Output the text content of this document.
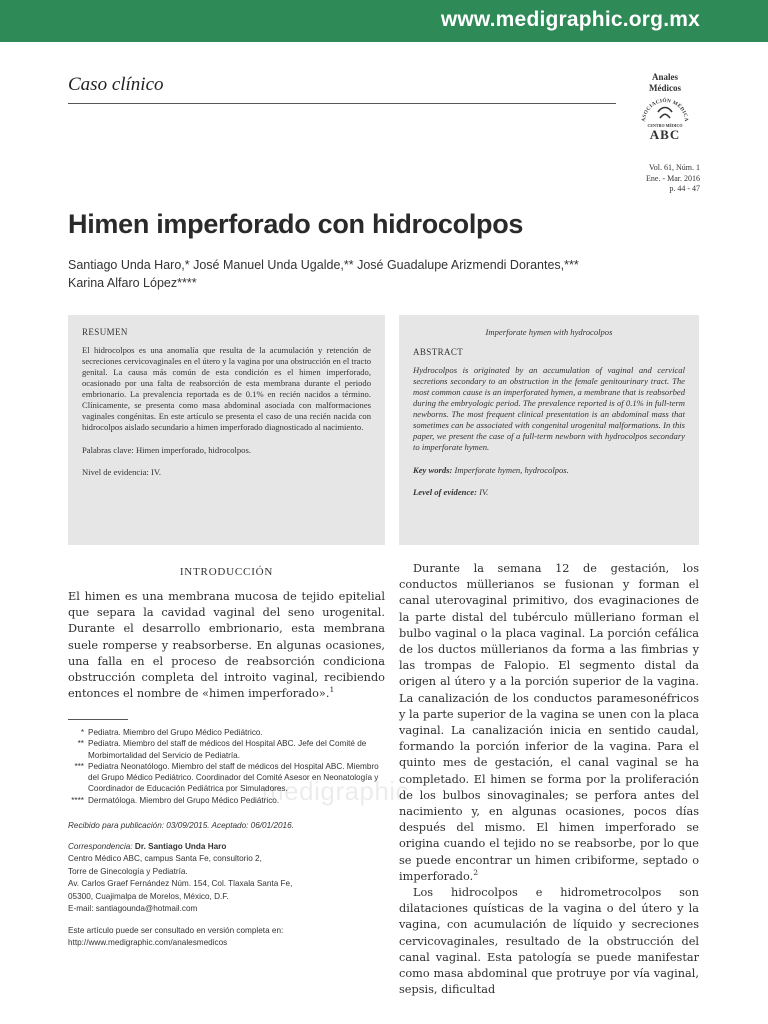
www.medigraphic.org.mx
Caso clínico	Anales
Médicos
ASOCIACIÓN MÉDICA
CENTRO MÉDICO
ABC
Vol. 61, Núm. 1
Ene. - Mar. 2016
p. 44 - 47
Himen imperforado con hidrocolpos
Santiago Unda Haro,* José Manuel Unda Ugalde,** José Guadalupe Arizmendi Dorantes,***
Karina Alfaro López****
RESUMEN
El hidrocolpos es una anomalía que resulta de la acumulación y retención de secreciones cervicovaginales en el útero y la vagina por una obstrucción en el tracto genital. La causa más común de esta condición es el himen imperforado, ocasionado por una falta de reabsorción de esta membrana durante el periodo embrionario. La prevalencia reportada es de 0.1% en recién nacidos a término. Clínicamente, se presenta como masa abdominal asociada con malformaciones vaginales congénitas. En este artículo se presenta el caso de una recién nacida con hidrocolpos aislado secundario a himen imperforado diagnosticado al nacimiento.
Palabras clave: Himen imperforado, hidrocolpos.
Nivel de evidencia: IV.
Imperforate hymen with hydrocolpos
ABSTRACT
Hydrocolpos is originated by an accumulation of vaginal and cervical secretions secondary to an obstruction in the female genitourinary tract. The most common cause is an imperforated hymen, a membrane that is reabsorbed during the embryologic period. The prevalence reported is of 0.1% in full-term newborns. The most frequent clinical presentation is an abdominal mass that sometimes can be associated with congenital urogenital malformations. In this paper, we present the case of a full-term newborn with hydrocolpos secondary to imperforate hymen.
Key words: Imperforate hymen, hydrocolpos.
Level of evidence: IV.
INTRODUCCIÓN

El himen es una membrana mucosa de tejido epitelial que separa la cavidad vaginal del seno urogenital. Durante el desarrollo embrionario, esta membrana suele romperse y reabsorberse. En algunas ocasiones, una falla en el proceso de reabsorción condiciona obstrucción completa del introito vaginal, recibiendo entonces el nombre de «himen imperforado».$^1$

* Pediatra. Miembro del Grupo Médico Pediátrico.
** Pediatra. Miembro del staff de médicos del Hospital ABC. Jefe del Comité de Morbimortalidad del Servicio de Pediatría.
*** Pediatra Neonatólogo. Miembro del staff de médicos del Hospital ABC. Miembro del Grupo Médico Pediátrico. Coordinador del Comité Asesor en Neonatología y Coordinador de Educación Pediátrica por Simuladores.
**** Dermatóloga. Miembro del Grupo Médico Pediátrico.
Recibido para publicación: 03/09/2015. Aceptado: 06/01/2016.
Correspondencia: Dr. Santiago Unda Haro
Centro Médico ABC, campus Santa Fe, consultorio 2,
Torre de Ginecología y Pediatría.
Av. Carlos Graef Fernández Núm. 154, Col. Tlaxala Santa Fe,
05300, Cuajimalpa de Morelos, México, D.F.
E-mail: santiagounda@hotmail.com
Este artículo puede ser consultado en versión completa en:
http://www.medigraphic.com/analesmedicos
medigraphic

Durante la semana 12 de gestación, los conductos müllerianos se fusionan y forman el canal uterovaginal primitivo, dos evaginaciones de la parte distal del tubérculo mülleriano forman el bulbo vaginal o la placa vaginal. La porción cefálica de los ductos müllerianos da forma a las fimbrias y las trompas de Falopio. El segmento distal da origen al útero y a la porción superior de la vagina. La canalización de los conductos paramesonéfricos y la parte superior de la vagina se unen con la placa vaginal. La canalización inicia en sentido caudal, formando la porción inferior de la vagina. Para el quinto mes de gestación, el canal vaginal se ha completado. El himen se forma por la proliferación de los bulbos sinovaginales; se perfora antes del nacimiento y, en algunas ocasiones, pocos días después del mismo. El himen imperforado se origina cuando el tejido no se reabsorbe, por lo que se puede encontrar un himen cribiforme, septado o imperforado.$^2$

Los hidrocolpos e hidrometrocolpos son dilataciones quísticas de la vagina o del útero y la vagina, con acumulación de líquido y secreciones cervicovaginales, resultado de la obstrucción del canal vaginal. Esta patología se puede manifestar como masa abdominal que protruye por vía vaginal, sepsis, dificultad
